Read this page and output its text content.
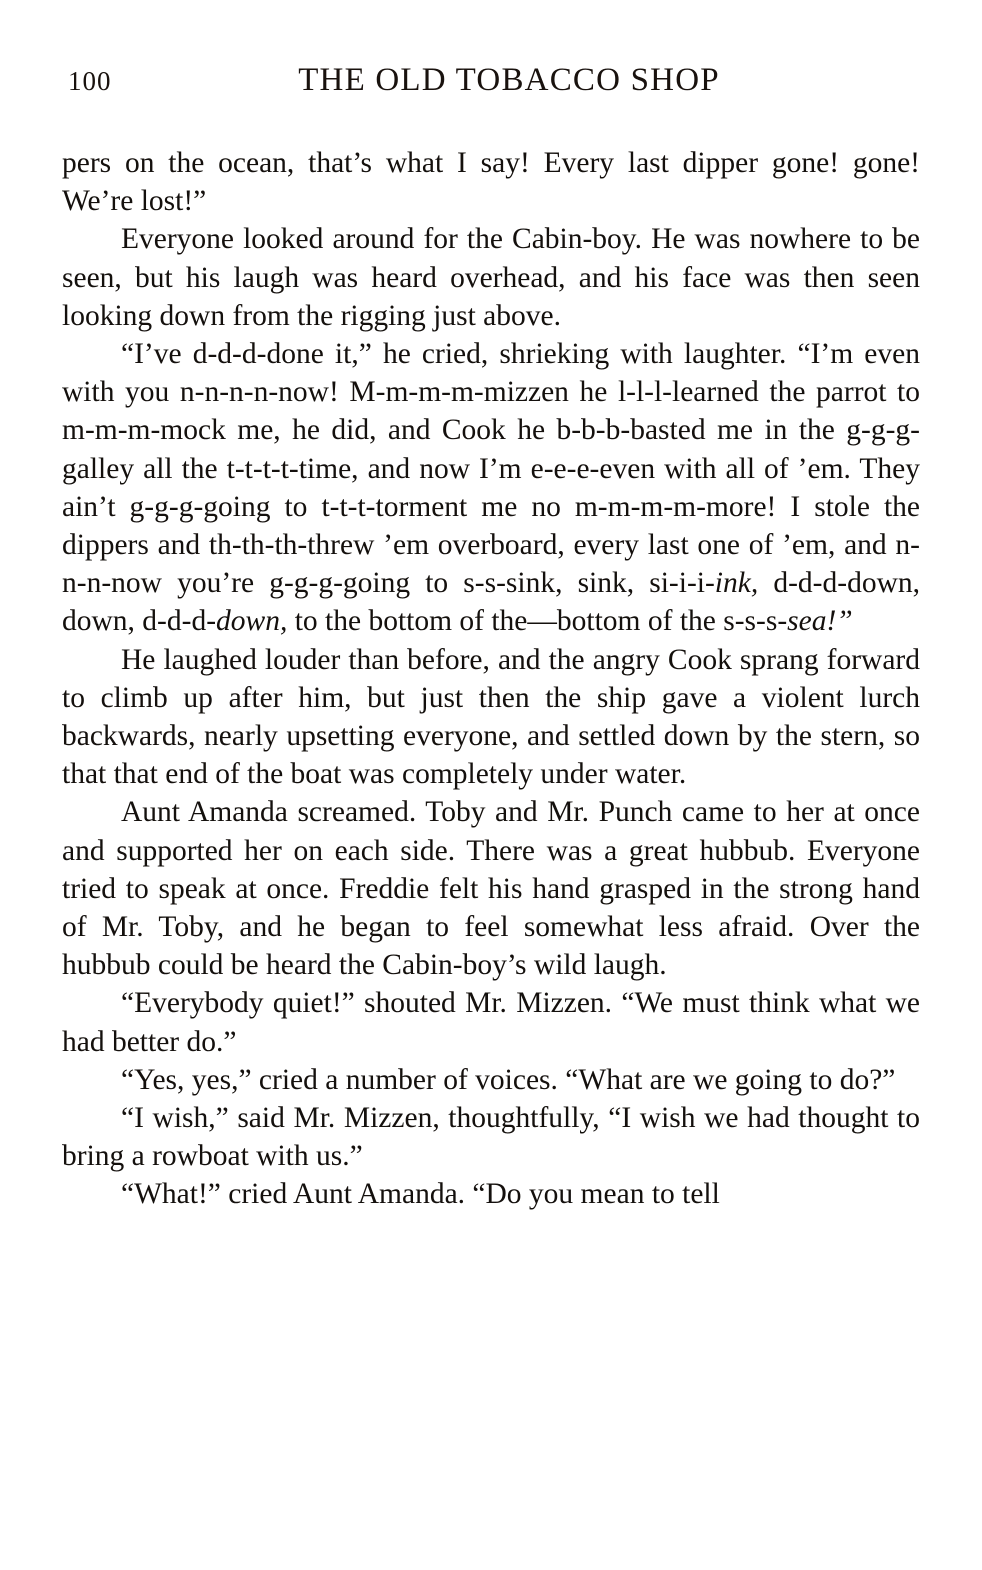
100	THE OLD TOBACCO SHOP

pers on the ocean, that’s what I say! Every last dipper gone! gone! We’re lost!”

Everyone looked around for the Cabin-boy. He was nowhere to be seen, but his laugh was heard overhead, and his face was then seen looking down from the rigging just above.

“I’ve d-d-d-done it,” he cried, shrieking with laughter. “I’m even with you n-n-n-n-now! M-m-m-m-mizzen he l-l-l-learned the parrot to m-m-m-mock me, he did, and Cook he b-b-b-basted me in the g-g-g-galley all the t-t-t-t-time, and now I’m e-e-e-even with all of ’em. They ain’t g-g-g-going to t-t-t-torment me no m-m-m-m-more! I stole the dippers and th-th-th-threw ’em overboard, every last one of ’em, and n-n-n-now you’re g-g-g-going to s-s-sink, sink, si-i-i-ink, d-d-d-down, down, d-d-d-down, to the bottom of the—bottom of the s-s-s-sea!”

He laughed louder than before, and the angry Cook sprang forward to climb up after him, but just then the ship gave a violent lurch backwards, nearly upsetting everyone, and settled down by the stern, so that that end of the boat was completely under water.

Aunt Amanda screamed. Toby and Mr. Punch came to her at once and supported her on each side. There was a great hubbub. Everyone tried to speak at once. Freddie felt his hand grasped in the strong hand of Mr. Toby, and he began to feel somewhat less afraid. Over the hubbub could be heard the Cabin-boy’s wild laugh.

“Everybody quiet!” shouted Mr. Mizzen. “We must think what we had better do.”

“Yes, yes,” cried a number of voices. “What are we going to do?”

“I wish,” said Mr. Mizzen, thoughtfully, “I wish we had thought to bring a rowboat with us.”

“What!” cried Aunt Amanda. “Do you mean to tell
